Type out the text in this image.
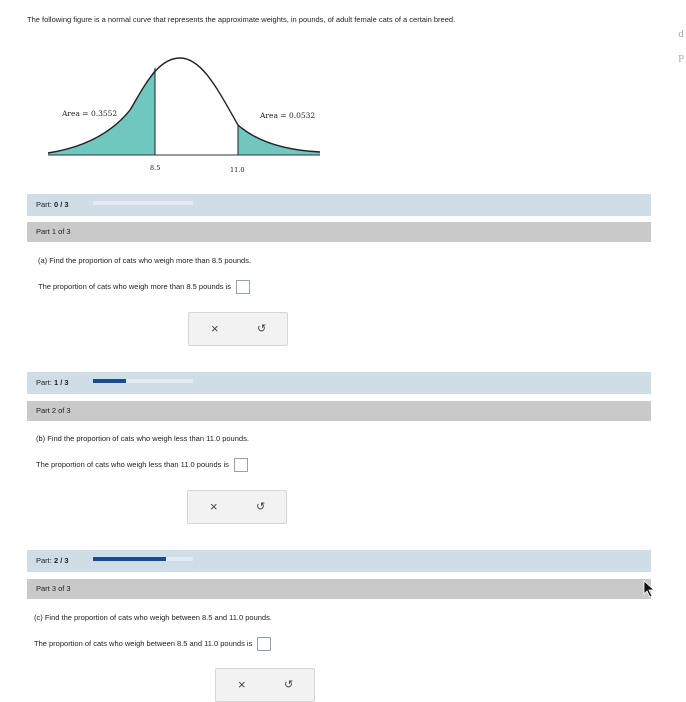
The following figure is a normal curve that represents the approximate weights, in pounds, of adult female cats of a certain breed.
d
P
Area = 0.3552	Area = 0.0532
8.5	11.0
Part: 0 / 3
Part 1 of 3
(a) Find the proportion of cats who weigh more than 8.5 pounds.
The proportion of cats who weigh more than 8.5 pounds is
×	↺
Part: 1 / 3
Part 2 of 3
(b) Find the proportion of cats who weigh less than 11.0 pounds.
The proportion of cats who weigh less than 11.0 pounds is
×	↺
Part: 2 / 3
Part 3 of 3
(c) Find the proportion of cats who weigh between 8.5 and 11.0 pounds.
The proportion of cats who weigh between 8.5 and 11.0 pounds is
×	↺
